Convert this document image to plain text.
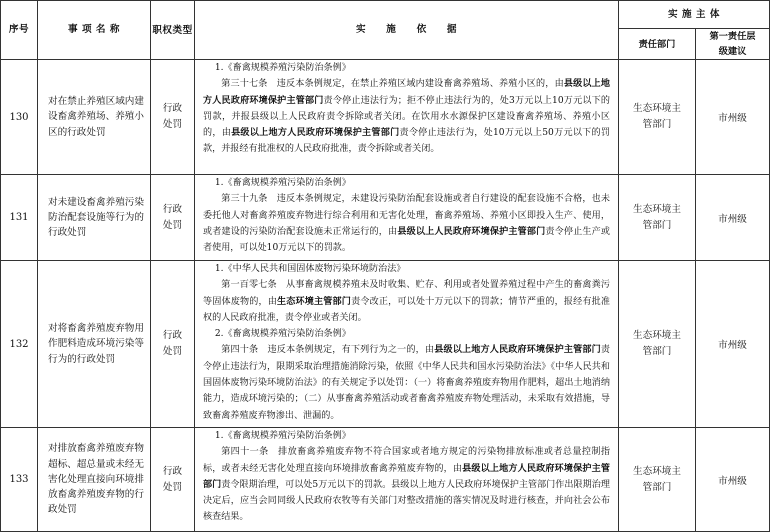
序号	事 项 名 称	职权类型	实　　施　　依　　据	实 施 主 体	
				责任部门	第一责任层级建议
130	对在禁止养殖区域内建设畜禽养殖场、养殖小区的行政处罚	行政处罚	1.《畜禽规模养殖污染防治条例》

第三十七条　违反本条例规定，在禁止养殖区域内建设畜禽养殖场、养殖小区的，由县级以上地方人民政府环境保护主管部门责令停止违法行为；拒不停止违法行为的，处3万元以上10万元以下的罚款，并报县级以上人民政府责令拆除或者关闭。在饮用水水源保护区建设畜禽养殖场、养殖小区的，由县级以上地方人民政府环境保护主管部门责令停止违法行为，处10万元以上50万元以下的罚款，并报经有批准权的人民政府批准，责令拆除或者关闭。	生态环境主管部门	市州级
131	对未建设畜禽养殖污染防治配套设施等行为的行政处罚	行政处罚	1.《畜禽规模养殖污染防治条例》

第三十九条　违反本条例规定，未建设污染防治配套设施或者自行建设的配套设施不合格，也未委托他人对畜禽养殖废弃物进行综合利用和无害化处理，畜禽养殖场、养殖小区即投入生产、使用，或者建设的污染防治配套设施未正常运行的，由县级以上人民政府环境保护主管部门责令停止生产或者使用，可以处10万元以下的罚款。	生态环境主管部门	市州级
132	对将畜禽养殖废弃物用作肥料造成环境污染等行为的行政处罚	行政处罚	1.《中华人民共和国固体废物污染环境防治法》

第一百零七条　从事畜禽规模养殖未及时收集、贮存、利用或者处置养殖过程中产生的畜禽粪污等固体废物的，由生态环境主管部门责令改正，可以处十万元以下的罚款；情节严重的，报经有批准权的人民政府批准，责令停业或者关闭。

2.《畜禽规模养殖污染防治条例》

第四十条　违反本条例规定，有下列行为之一的，由县级以上地方人民政府环境保护主管部门责令停止违法行为，限期采取治理措施消除污染，依照《中华人民共和国水污染防治法》《中华人民共和国固体废物污染环境防治法》的有关规定予以处罚：（一）将畜禽养殖废弃物用作肥料，超出土地消纳能力，造成环境污染的；（二）从事畜禽养殖活动或者畜禽养殖废弃物处理活动，未采取有效措施，导致畜禽养殖废弃物渗出、泄漏的。	生态环境主管部门	市州级
133	对排放畜禽养殖废弃物超标、超总量或未经无害化处理直接向环境排放畜禽养殖废弃物的行政处罚	行政处罚	1.《畜禽规模养殖污染防治条例》

第四十一条　排放畜禽养殖废弃物不符合国家或者地方规定的污染物排放标准或者总量控制指标，或者未经无害化处理直接向环境排放畜禽养殖废弃物的，由县级以上地方人民政府环境保护主管部门责令限期治理，可以处5万元以下的罚款。县级以上地方人民政府环境保护主管部门作出限期治理决定后，应当会同同级人民政府农牧等有关部门对整改措施的落实情况及时进行核查，并向社会公布核查结果。	生态环境主管部门	市州级
